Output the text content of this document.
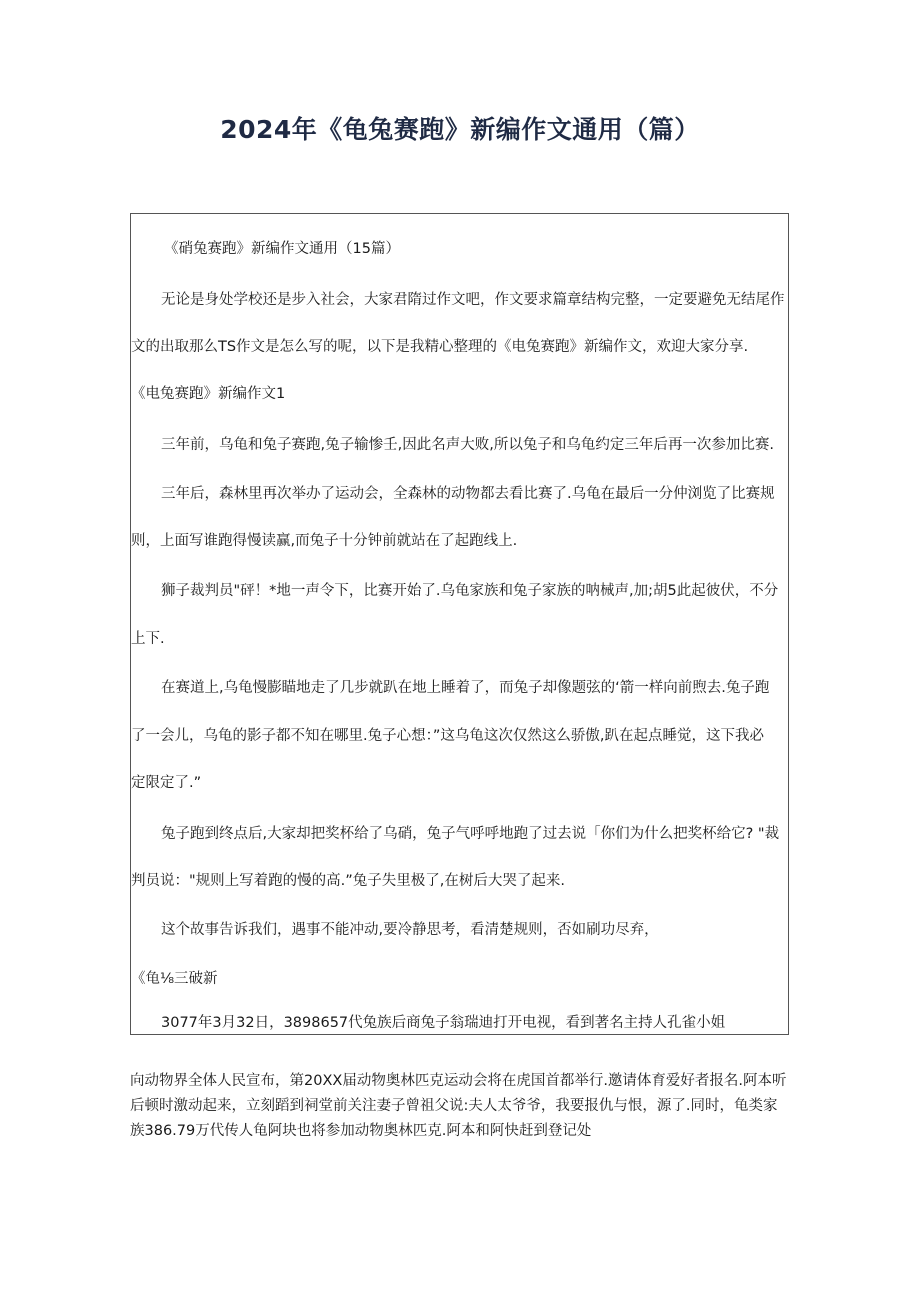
2024年《龟兔赛跑》新编作文通用（篇）
《硝兔赛跑》新编作文通用（15篇）
无论是身处学校还是步入社会，大家君隋过作文吧，作文要求篇章结构完整，一定要避免无结尾作
文的出取那么TS作文是怎么写的呢，以下是我精心整理的《电兔赛跑》新编作文，欢迎大家分享.
《电兔赛跑》新编作文1
三年前，乌龟和兔子赛跑,兔子输惨壬,因此名声大败,所以兔子和乌龟约定三年后再一次参加比赛.
三年后，森林里再次举办了运动会，全森林的动物都去看比赛了.乌龟在最后一分仲浏览了比赛规
则，上面写谁跑得慢读赢,而兔子十分钟前就站在了起跑线上.
狮子裁判员"砰！*地一声令下，比赛开始了.乌龟家族和兔子家族的呐械声,加;胡5此起彼伏，不分
上下.
在赛道上,乌龟慢膨瞄地走了几步就趴在地上睡着了，而兔子却像题弦的‘箭一样向前煦去.兔子跑
了一会儿，乌龟的影子都不知在哪里.兔子心想：”这乌龟这次仅然这么骄傲,趴在起点睡觉，这下我必
定限定了.”
兔子跑到终点后,大家却把奖杯给了乌硝，兔子气呼呼地跑了过去说「你们为什么把奖杯给它? "裁
判员说："规则上写着跑的慢的高.”兔子失里极了,在树后大哭了起来.
这个故事告诉我们，遇事不能冲动,要冷静思考，看清楚规则，否如刷功尽弃，
《龟⅛三破新
3077年3月32日，3898657代兔族后商兔子翁瑞迪打开电视，看到著名主持人孔雀小姐
向动物界全体人民宣布，第20XX届动物奥林匹克运动会将在虎国首都举行.邀请体育爱好者报名.阿本听
后顿时激动起来，立刻蹈到祠堂前关注妻子曾祖父说:夫人太爷爷，我要报仇与恨，源了.同时，龟类家
族386.79万代传人龟阿块也将参加动物奥林匹克.阿本和阿快赶到登记处
